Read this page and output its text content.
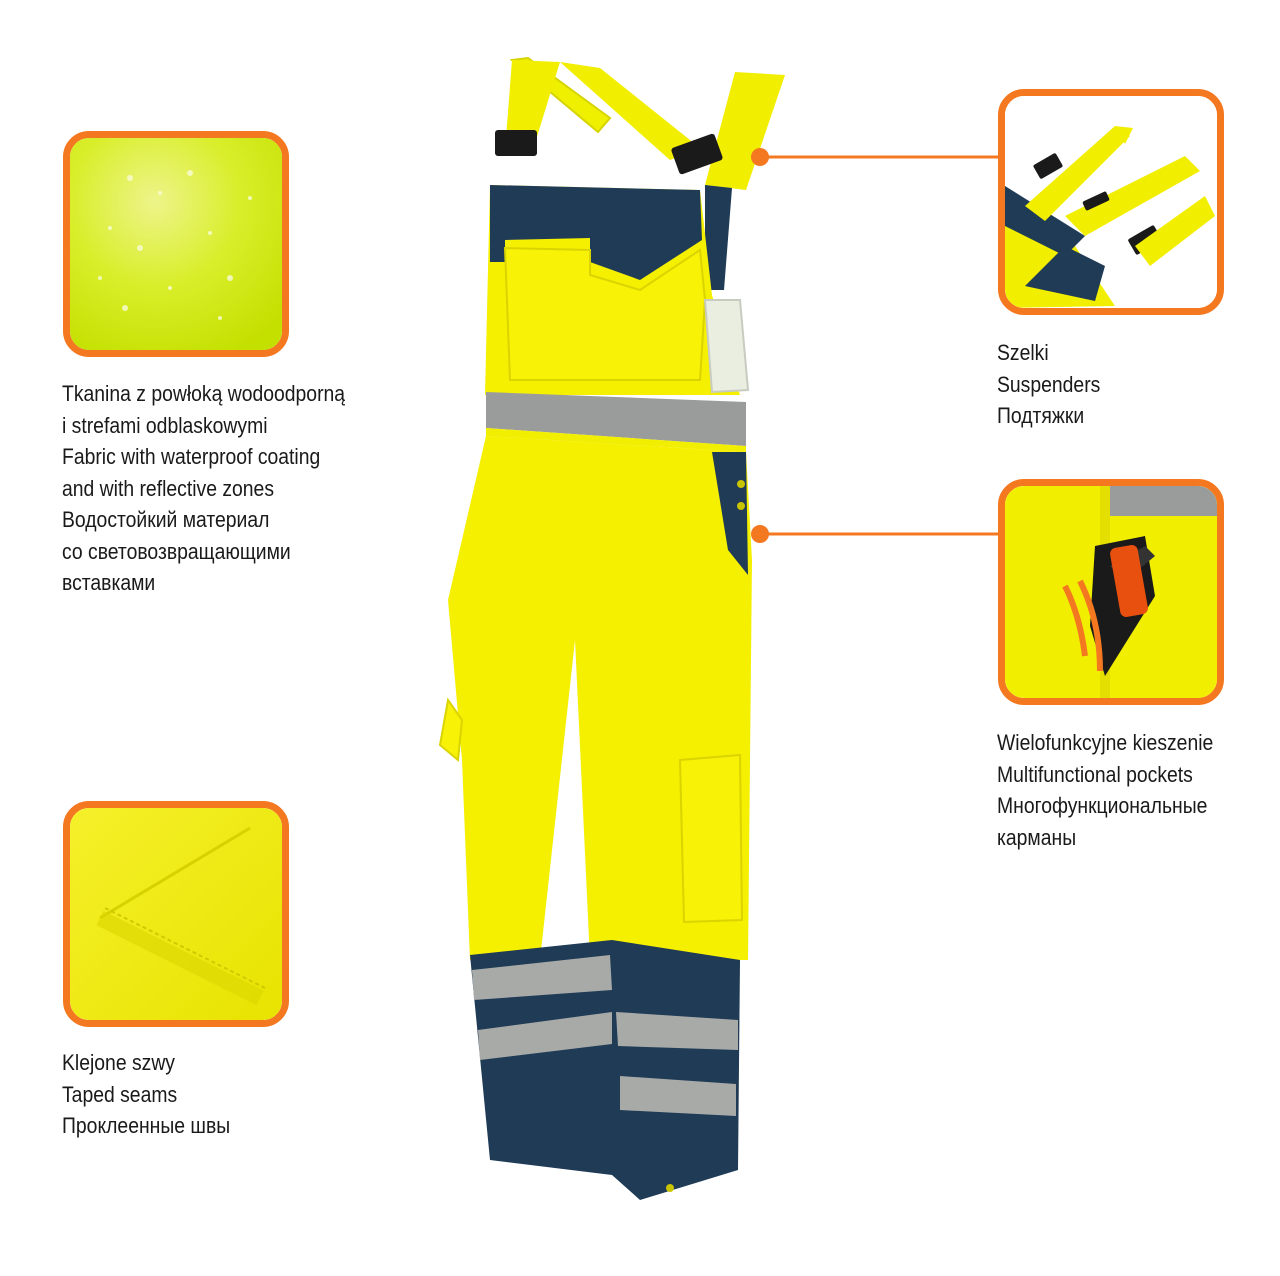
Tkanina z powłoką wodoodporną
i strefami odblaskowymi
Fabric with waterproof coating
and with reflective zones
Водостойкий материал
со световозвращающими
вставками
Klejone szwy
Taped seams
Проклеенные швы
Szelki
Suspenders
Подтяжки
Wielofunkcyjne kieszenie
Multifunctional pockets
Многофункциональные
карманы
